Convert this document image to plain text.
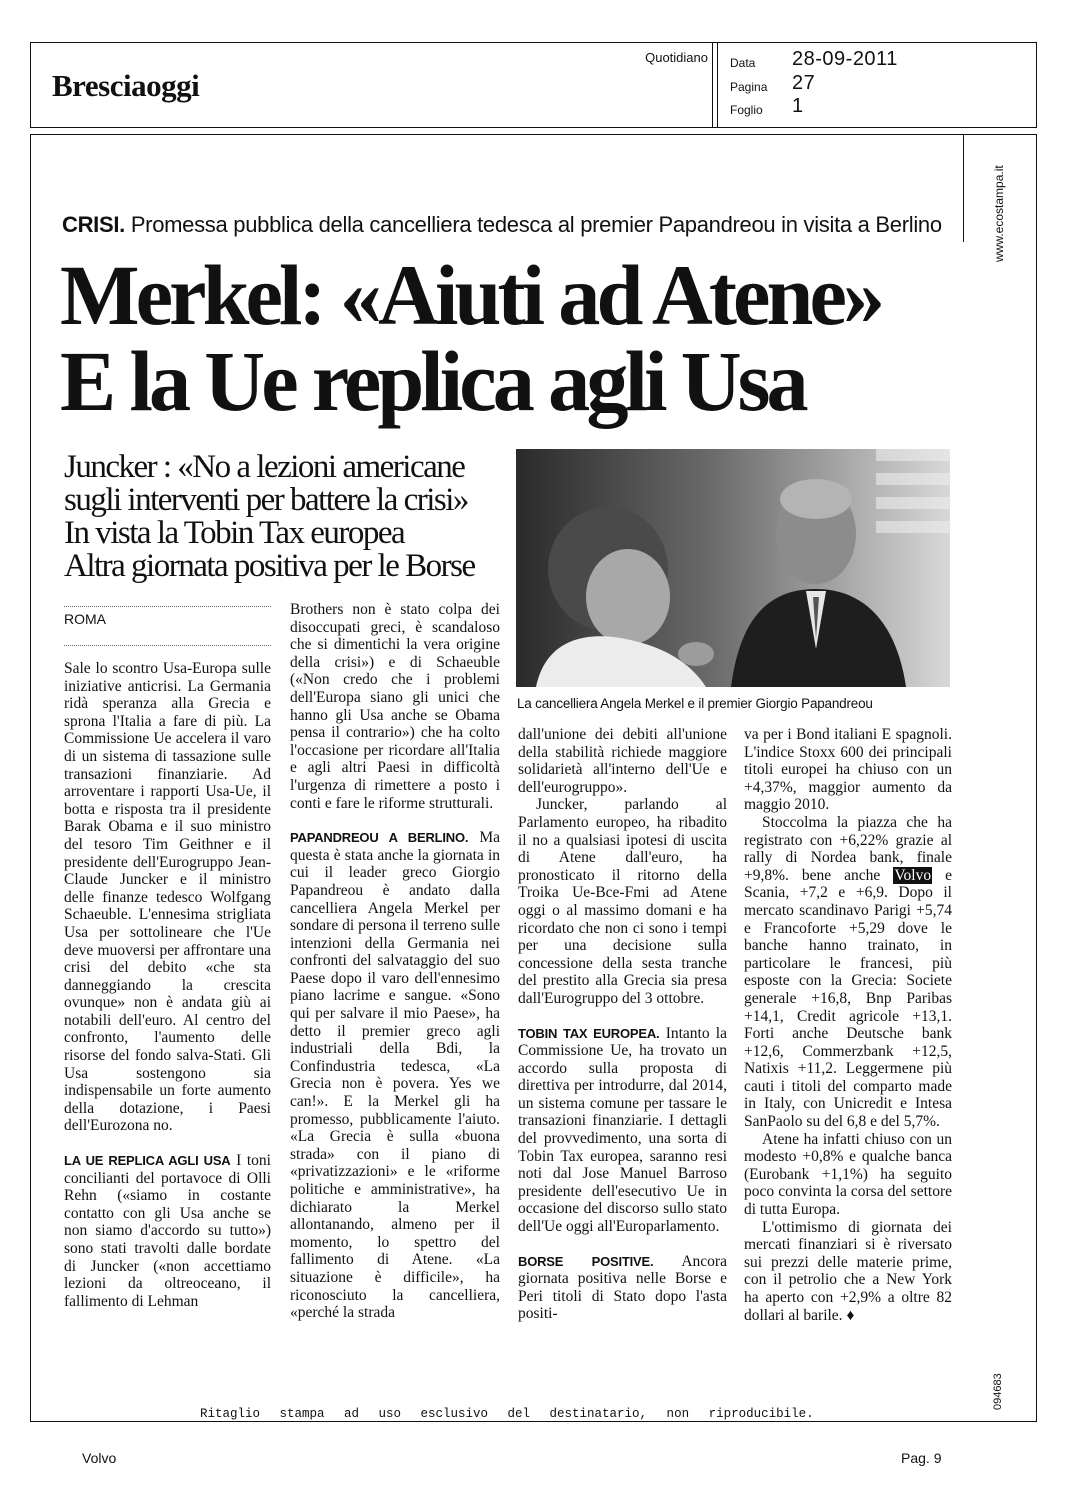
Bresciaoggi
Quotidiano Data 28-09-2011
Pagina 27
Foglio 1
www.ecostampa.it
094683
CRISI. Promessa pubblica della cancelliera tedesca al premier Papandreou in visita a Berlino
Merkel: «Aiuti ad Atene»
E la Ue replica agli Usa
Juncker : «No a lezioni americane
sugli interventi per battere la crisi»
In vista la Tobin Tax europea
Altra giornata positiva per le Borse
La cancelliera Angela Merkel e il premier Giorgio Papandreou
ROMA

Sale lo scontro Usa-Europa sulle iniziative anticrisi. La Germania ridà speranza alla Grecia e sprona l'Italia a fare di più. La Commissione Ue accelera il varo di un sistema di tassazione sulle transazioni finanziarie. Ad arroventare i rapporti Usa-Ue, il botta e risposta tra il presidente Barak Obama e il suo ministro del tesoro Tim Geithner e il presidente dell'Eurogruppo Jean-Claude Juncker e il ministro delle finanze tedesco Wolfgang Schaeuble. L'ennesima strigliata Usa per sottolineare che l'Ue deve muoversi per affrontare una crisi del debito «che sta danneggiando la crescita ovunque» non è andata giù ai notabili dell'euro. Al centro del confronto, l'aumento delle risorse del fondo salva-Stati. Gli Usa sostengono sia indispensabile un forte aumento della dotazione, i Paesi dell'Eurozona no.

LA UE REPLICA AGLI USA I toni concilianti del portavoce di Olli Rehn («siamo in costante contatto con gli Usa anche se non siamo d'accordo su tutto») sono stati travolti dalle bordate di Juncker («non accettiamo lezioni da oltreoceano, il fallimento di Lehman

Brothers non è stato colpa dei disoccupati greci, è scandaloso che si dimentichi la vera origine della crisi») e di Schaeuble («Non credo che i problemi dell'Europa siano gli unici che hanno gli Usa anche se Obama pensa il contrario») che ha colto l'occasione per ricordare all'Italia e agli altri Paesi in difficoltà l'urgenza di rimettere a posto i conti e fare le riforme strutturali.

PAPANDREOU A BERLINO. Ma questa è stata anche la giornata in cui il leader greco Giorgio Papandreou è andato dalla cancelliera Angela Merkel per sondare di persona il terreno sulle intenzioni della Germania nei confronti del salvataggio del suo Paese dopo il varo dell'ennesimo piano lacrime e sangue. «Sono qui per salvare il mio Paese», ha detto il premier greco agli industriali della Bdi, la Confindustria tedesca, «La Grecia non è povera. Yes we can!». E la Merkel gli ha promesso, pubblicamente l'aiuto. «La Grecia è sulla «buona strada» con il piano di «privatizzazioni» e le «riforme politiche e amministrative», ha dichiarato la Merkel allontanando, almeno per il momento, lo spettro del fallimento di Atene. «La situazione è difficile», ha riconosciuto la cancelliera, «perché la strada

dall'unione dei debiti all'unione della stabilità richiede maggiore solidarietà all'interno dell'Ue e dell'eurogruppo».

Juncker, parlando al Parlamento europeo, ha ribadito il no a qualsiasi ipotesi di uscita di Atene dall'euro, ha pronosticato il ritorno della Troika Ue-Bce-Fmi ad Atene oggi o al massimo domani e ha ricordato che non ci sono i tempi per una decisione sulla concessione della sesta tranche del prestito alla Grecia sia presa dall'Eurogruppo del 3 ottobre.

TOBIN TAX EUROPEA. Intanto la Commissione Ue, ha trovato un accordo sulla proposta di direttiva per introdurre, dal 2014, un sistema comune per tassare le transazioni finanziarie. I dettagli del provvedimento, una sorta di Tobin Tax europea, saranno resi noti dal Jose Manuel Barroso presidente dell'esecutivo Ue in occasione del discorso sullo stato dell'Ue oggi all'Europarlamento.

BORSE POSITIVE. Ancora giornata positiva nelle Borse e Peri titoli di Stato dopo l'asta positi-

va per i Bond italiani E spagnoli. L'indice Stoxx 600 dei principali titoli europei ha chiuso con un +4,37%, maggior aumento da maggio 2010.

Stoccolma la piazza che ha registrato con +6,22% grazie al rally di Nordea bank, finale +9,8%. bene anche Volvo e Scania, +7,2 e +6,9. Dopo il mercato scandinavo Parigi +5,74 e Francoforte +5,29 dove le banche hanno trainato, in particolare le francesi, più esposte con la Grecia: Societe generale +16,8, Bnp Paribas +14,1, Credit agricole +13,1. Forti anche Deutsche bank +12,6, Commerzbank +12,5, Natixis +11,2. Leggermene più cauti i titoli del comparto made in Italy, con Unicredit e Intesa SanPaolo su del 6,8 e del 5,7%.

Atene ha infatti chiuso con un modesto +0,8% e qualche banca (Eurobank +1,1%) ha seguito poco convinta la corsa del settore di tutta Europa.

L'ottimismo di giornata dei mercati finanziari si è riversato sui prezzi delle materie prime, con il petrolio che a New York ha aperto con +2,9% a oltre 82 dollari al barile. ♦

Ritaglio stampa ad uso esclusivo del destinatario, non riproducibile.
Volvo	Pag. 9
